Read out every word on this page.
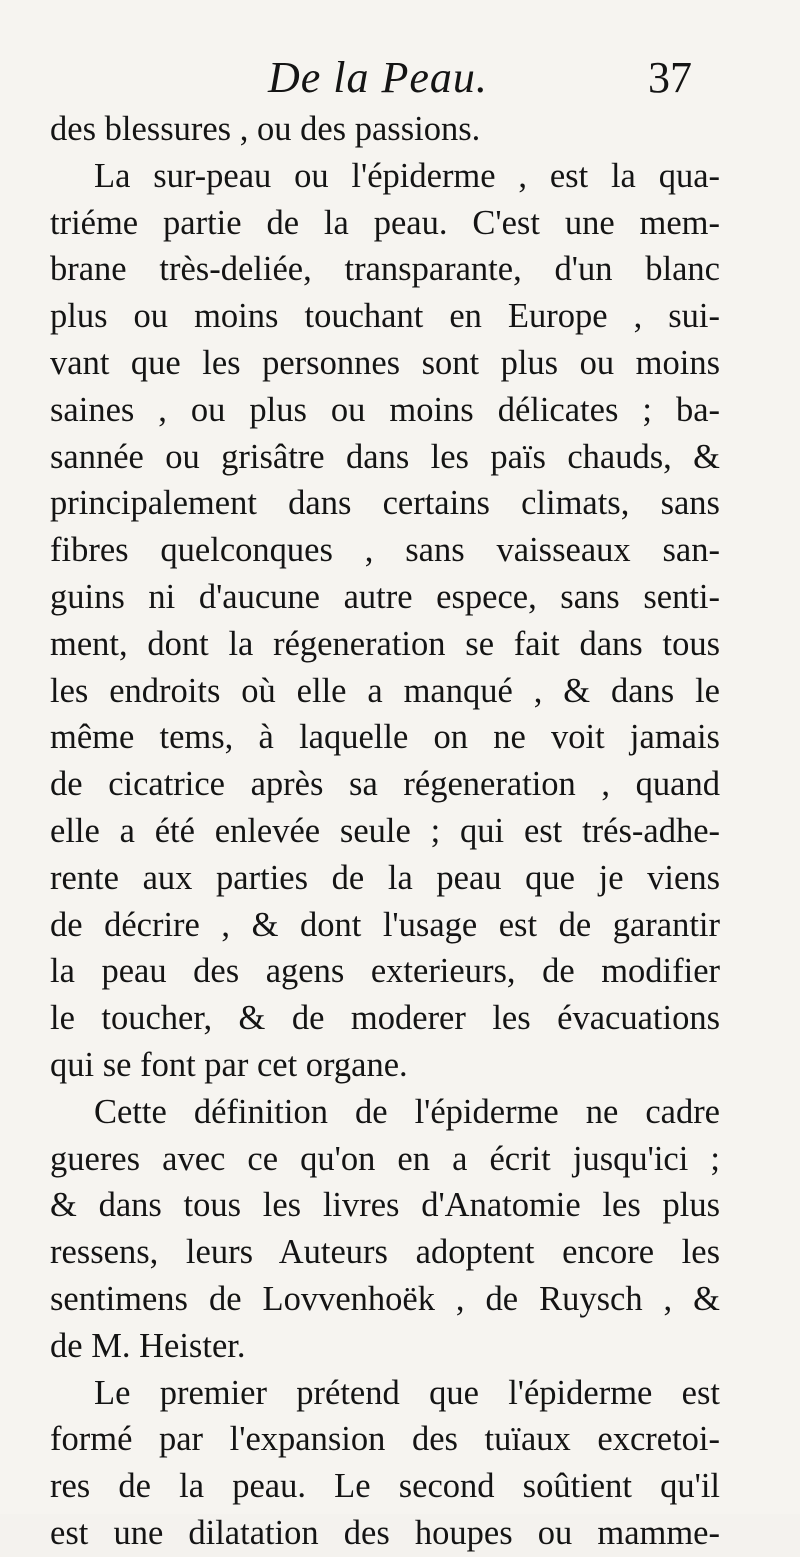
De la Peau.	37
des blessures , ou des passions.
La sur-peau ou l'épiderme , est la qua-
triéme partie de la peau. C'est une mem-
brane très-deliée, transparante, d'un blanc
plus ou moins touchant en Europe , sui-
vant que les personnes sont plus ou moins
saines , ou plus ou moins délicates ; ba-
sannée ou grisâtre dans les païs chauds, &
principalement dans certains climats, sans
fibres quelconques , sans vaisseaux san-
guins ni d'aucune autre espece, sans senti-
ment, dont la régeneration se fait dans tous
les endroits où elle a manqué , & dans le
même tems, à laquelle on ne voit jamais
de cicatrice après sa régeneration , quand
elle a été enlevée seule ; qui est trés-adhe-
rente aux parties de la peau que je viens
de décrire , & dont l'usage est de garantir
la peau des agens exterieurs, de modifier
le toucher, & de moderer les évacuations
qui se font par cet organe.
Cette définition de l'épiderme ne cadre
gueres avec ce qu'on en a écrit jusqu'ici ;
& dans tous les livres d'Anatomie les plus
ressens, leurs Auteurs adoptent encore les
sentimens de Lovvenhoëk , de Ruysch , &
de M. Heister.
Le premier prétend que l'épiderme est
formé par l'expansion des tuïaux excretoi-
res de la peau. Le second soûtient qu'il
est une dilatation des houpes ou mamme-
